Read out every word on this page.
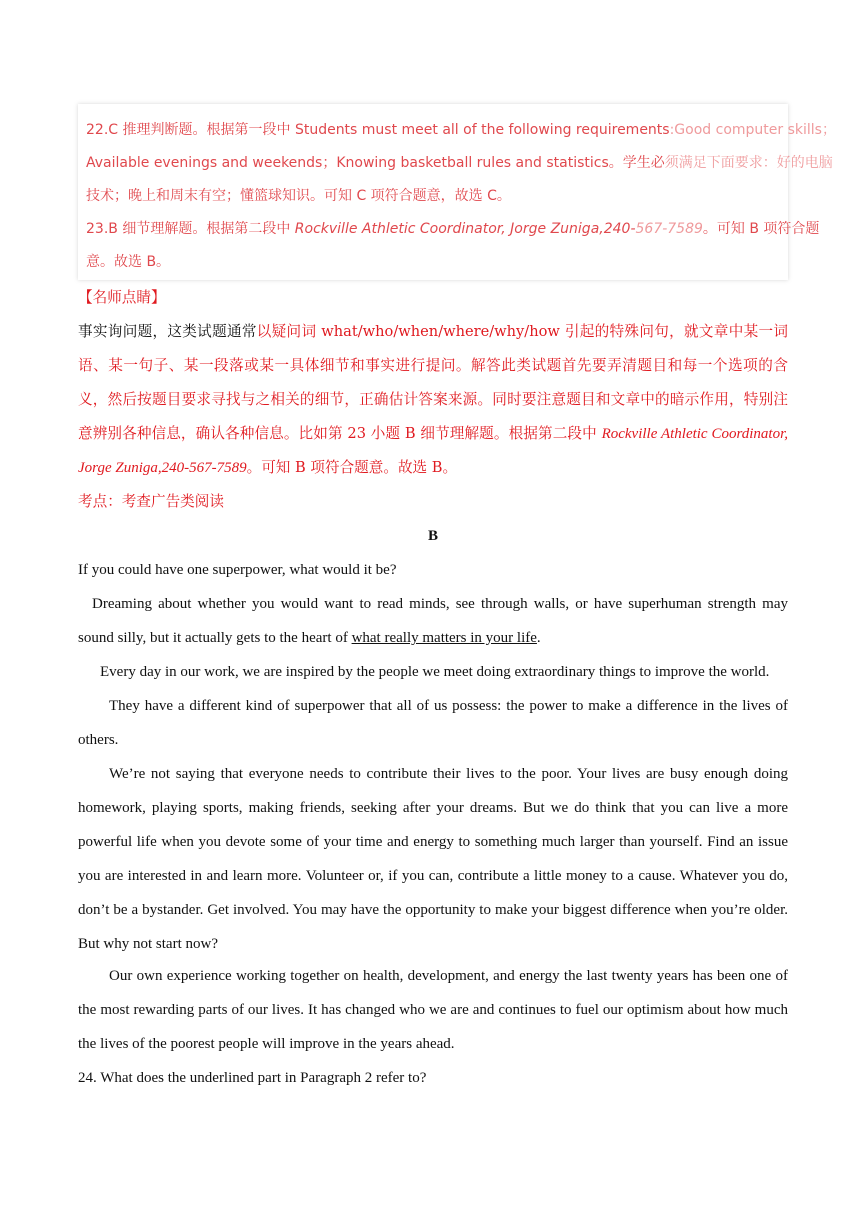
22.C 推理判断题。根据第一段中 Students must meet all of the following requirements:Good computer skills；
Available evenings and weekends；Knowing basketball rules and statistics。学生必须满足下面要求：好的电脑
技术；晚上和周末有空；懂篮球知识。可知 C 项符合题意，故选 C。
23.B 细节理解题。根据第二段中 Rockville Athletic Coordinator, Jorge Zuniga,240-567-7589。可知 B 项符合题
意。故选 B。
【名师点睛】
事实询问题，这类试题通常以疑问词 what/who/when/where/why/how 引起的特殊问句，就文章中某一词语、某一句子、某一段落或某一具体细节和事实进行提问。解答此类试题首先要弄清题目和每一个选项的含义，然后按题目要求寻找与之相关的细节，正确估计答案来源。同时要注意题目和文章中的暗示作用，特别注意辨别各种信息，确认各种信息。比如第 23 小题 B 细节理解题。根据第二段中 Rockville Athletic Coordinator, Jorge Zuniga,240-567-7589。可知 B 项符合题意。故选 B。
考点：考查广告类阅读
B
If you could have one superpower, what would it be?
Dreaming about whether you would want to read minds, see through walls, or have superhuman strength may sound silly, but it actually gets to the heart of what really matters in your life.
Every day in our work, we are inspired by the people we meet doing extraordinary things to improve the world.
They have a different kind of superpower that all of us possess: the power to make a difference in the lives of others.
We’re not saying that everyone needs to contribute their lives to the poor. Your lives are busy enough doing homework, playing sports, making friends, seeking after your dreams. But we do think that you can live a more powerful life when you devote some of your time and energy to something much larger than yourself. Find an issue you are interested in and learn more. Volunteer or, if you can, contribute a little money to a cause. Whatever you do, don’t be a bystander. Get involved. You may have the opportunity to make your biggest difference when you’re older. But why not start now?
Our own experience working together on health, development, and energy the last twenty years has been one of the most rewarding parts of our lives. It has changed who we are and continues to fuel our optimism about how much the lives of the poorest people will improve in the years ahead.
24. What does the underlined part in Paragraph 2 refer to?
